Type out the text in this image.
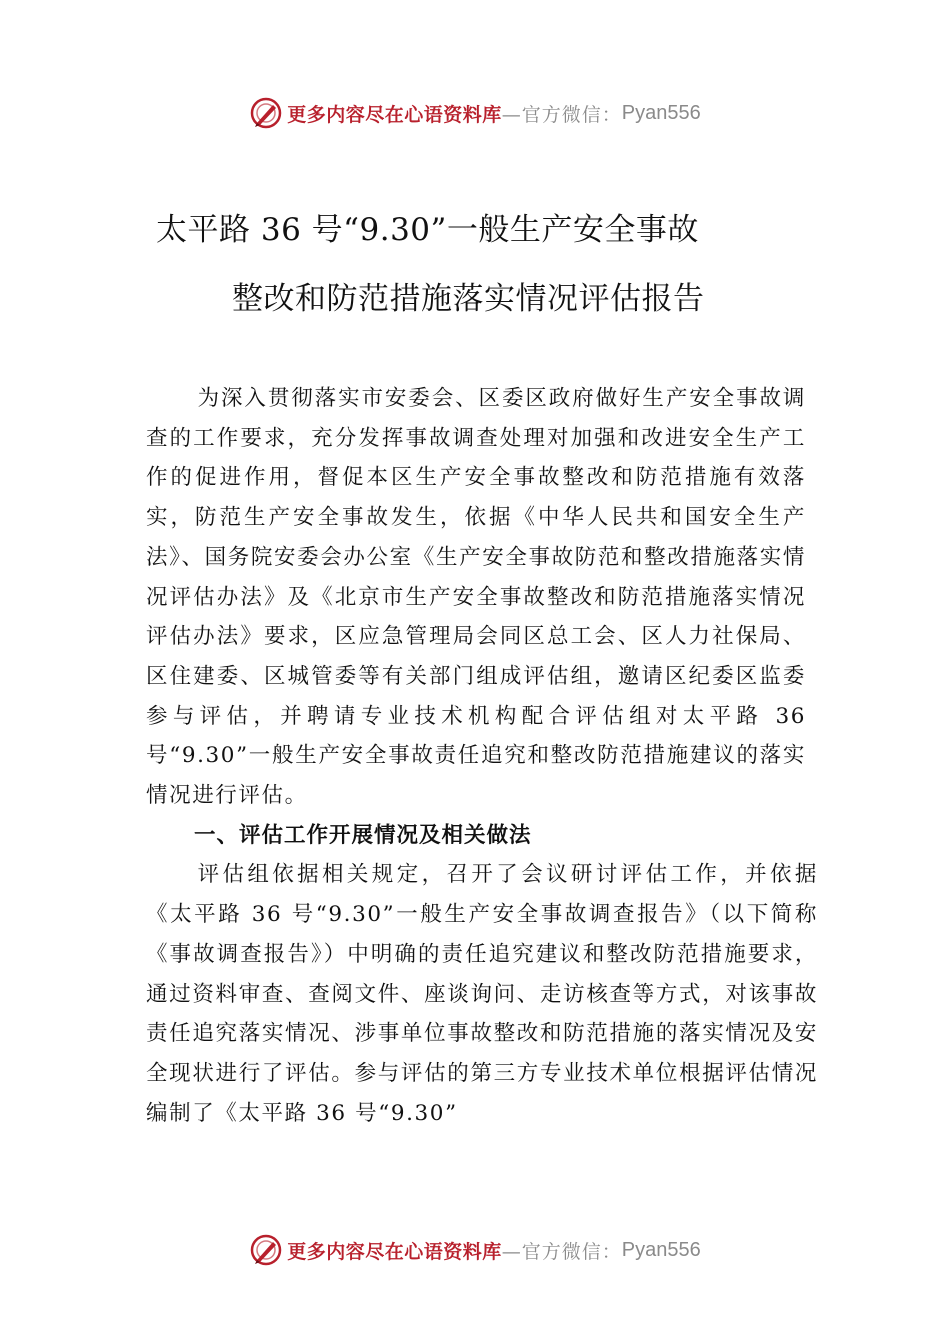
更多内容尽在心语资料库 —官方微信： Pyan556
太平路 36 号“9.30”一般生产安全事故
整改和防范措施落实情况评估报告

为深入贯彻落实市安委会、区委区政府做好生产安全事故调查的工作要求，充分发挥事故调查处理对加强和改进安全生产工作的促进作用，督促本区生产安全事故整改和防范措施有效落实，防范生产安全事故发生，依据《中华人民共和国安全生产法》、国务院安委会办公室《生产安全事故防范和整改措施落实情况评估办法》及《北京市生产安全事故整改和防范措施落实情况评估办法》要求，区应急管理局会同区总工会、区人力社保局、区住建委、区城管委等有关部门组成评估组，邀请区纪委区监委参与评估，并聘请专业技术机构配合评估组对太平路 36 号“9.30”一般生产安全事故责任追究和整改防范措施建议的落实情况进行评估。

一、评估工作开展情况及相关做法

评估组依据相关规定，召开了会议研讨评估工作，并依据《太平路 36 号“9.30”一般生产安全事故调查报告》（以下简称《事故调查报告》）中明确的责任追究建议和整改防范措施要求，通过资料审查、查阅文件、座谈询问、走访核查等方式，对该事故责任追究落实情况、涉事单位事故整改和防范措施的落实情况及安全现状进行了评估。参与评估的第三方专业技术单位根据评估情况编制了《太平路 36 号“9.30”

更多内容尽在心语资料库 —官方微信： Pyan556
